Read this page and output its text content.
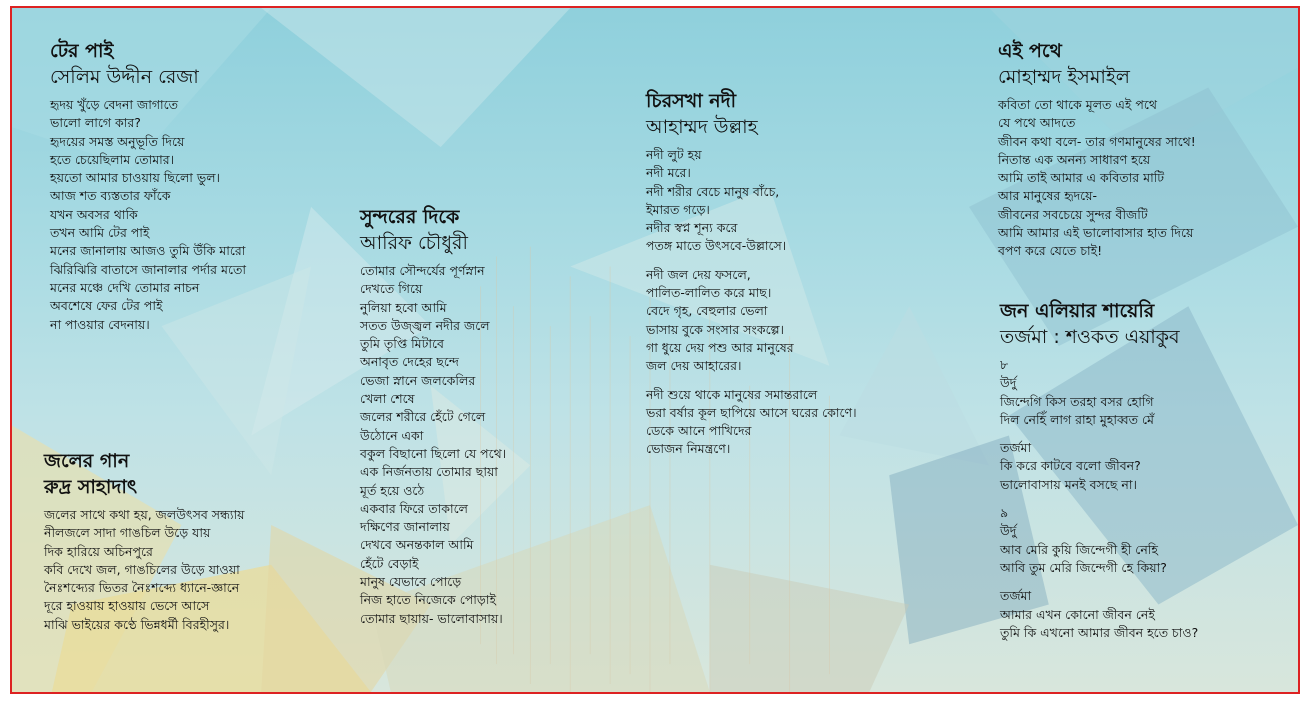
টের পাই
সেলিম উদ্দীন রেজা
হৃদয় খুঁড়ে বেদনা জাগাতে
ভালো লাগে কার?
হৃদয়ের সমস্ত অনুভূতি দিয়ে
হতে চেয়েছিলাম তোমার।
হয়তো আমার চাওয়ায় ছিলো ভুল।
আজ শত ব্যস্ততার ফাঁকে
যখন অবসর থাকি
তখন আমি টের পাই
মনের জানালায় আজও তুমি উঁকি মারো
ঝিরিঝিরি বাতাসে জানালার পর্দার মতো
মনের মঞ্চে দেখি তোমার নাচন
অবশেষে ফের টের পাই
না পাওয়ার বেদনায়।
জলের গান
রুদ্র সাহাদাৎ
জলের সাথে কথা হয়, জলউৎসব সন্ধ্যায়
নীলজলে সাদা গাঙচিল উড়ে যায়
দিক হারিয়ে অচিনপুরে
কবি দেখে জল, গাঙচিলের উড়ে যাওয়া
নৈঃশব্দ্যের ভিতর নৈঃশব্দ্যে ধ্যানে-জ্ঞানে
দূরে হাওয়ায় হাওয়ায় ভেসে আসে
মাঝি ভাইয়ের কণ্ঠে ভিন্নধর্মী বিরহীসুর।
সুন্দরের দিকে
আরিফ চৌধুরী
তোমার সৌন্দর্যের পূর্ণস্নান
দেখতে গিয়ে
নুলিয়া হবো আমি
সতত উজ্জ্বল নদীর জলে
তুমি তৃপ্তি মিটাবে
অনাবৃত দেহের ছন্দে
ভেজা স্নানে জলকেলির
খেলা শেষে
জলের শরীরে হেঁটে গেলে
উঠোনে একা
বকুল বিছানো ছিলো যে পথে।
এক নির্জনতায় তোমার ছায়া
মূর্ত হয়ে ওঠে
একবার ফিরে তাকালে
দক্ষিণের জানালায়
দেখবে অনন্তকাল আমি
হেঁটে বেড়াই
মানুষ যেভাবে পোড়ে
নিজ হাতে নিজেকে পোড়াই
তোমার ছায়ায়- ভালোবাসায়।
চিরসখা নদী
আহাম্মদ উল্লাহ
নদী লুট হয়
নদী মরে।
নদী শরীর বেচে মানুষ বাঁচে,
ইমারত গড়ে।
নদীর স্বপ্ন শূন্য করে
পতঙ্গ মাতে উৎসবে-উল্লাসে।
নদী জল দেয় ফসলে,
পালিত-লালিত করে মাছ।
বেদে গৃহ, বেহুলার ভেলা
ভাসায় বুকে সংসার সংকল্পে।
গা ধুয়ে দেয় পশু আর মানুষের
জল দেয় আহারের।
নদী শুয়ে থাকে মানুষের সমান্তরালে
ভরা বর্ষার কূল ছাপিয়ে আসে ঘরের কোণে।
ডেকে আনে পাখিদের
ভোজন নিমন্ত্রণে।
এই পথে
মোহাম্মদ ইসমাইল
কবিতা তো থাকে মূলত এই পথে
যে পথে আদতে
জীবন কথা বলে- তার গণমানুষের সাথে!
নিতান্ত এক অনন্য সাধারণ হয়ে
আমি তাই আমার এ কবিতার মাটি
আর মানুষের হৃদয়ে-
জীবনের সবচেয়ে সুন্দর বীজটি
আমি আমার এই ভালোবাসার হাত দিয়ে
বপণ করে যেতে চাই!
জন এলিয়ার শায়েরি
তর্জমা : শওকত এয়াকুব
৮
উর্দু
জিন্দেগি কিস তরহা বসর হোগি
দিল নেহিঁ লাগ রাহা মুহাব্বত মেঁ
তর্জমা
কি করে কাটবে বলো জীবন?
ভালোবাসায় মনই বসছে না।
৯
উর্দু
আব মেরি কুয়ি জিন্দেগী হী নেহি
আবি তুম মেরি জিন্দেগী হে কিয়া?
তর্জমা
আমার এখন কোনো জীবন নেই
তুমি কি এখনো আমার জীবন হতে চাও?
